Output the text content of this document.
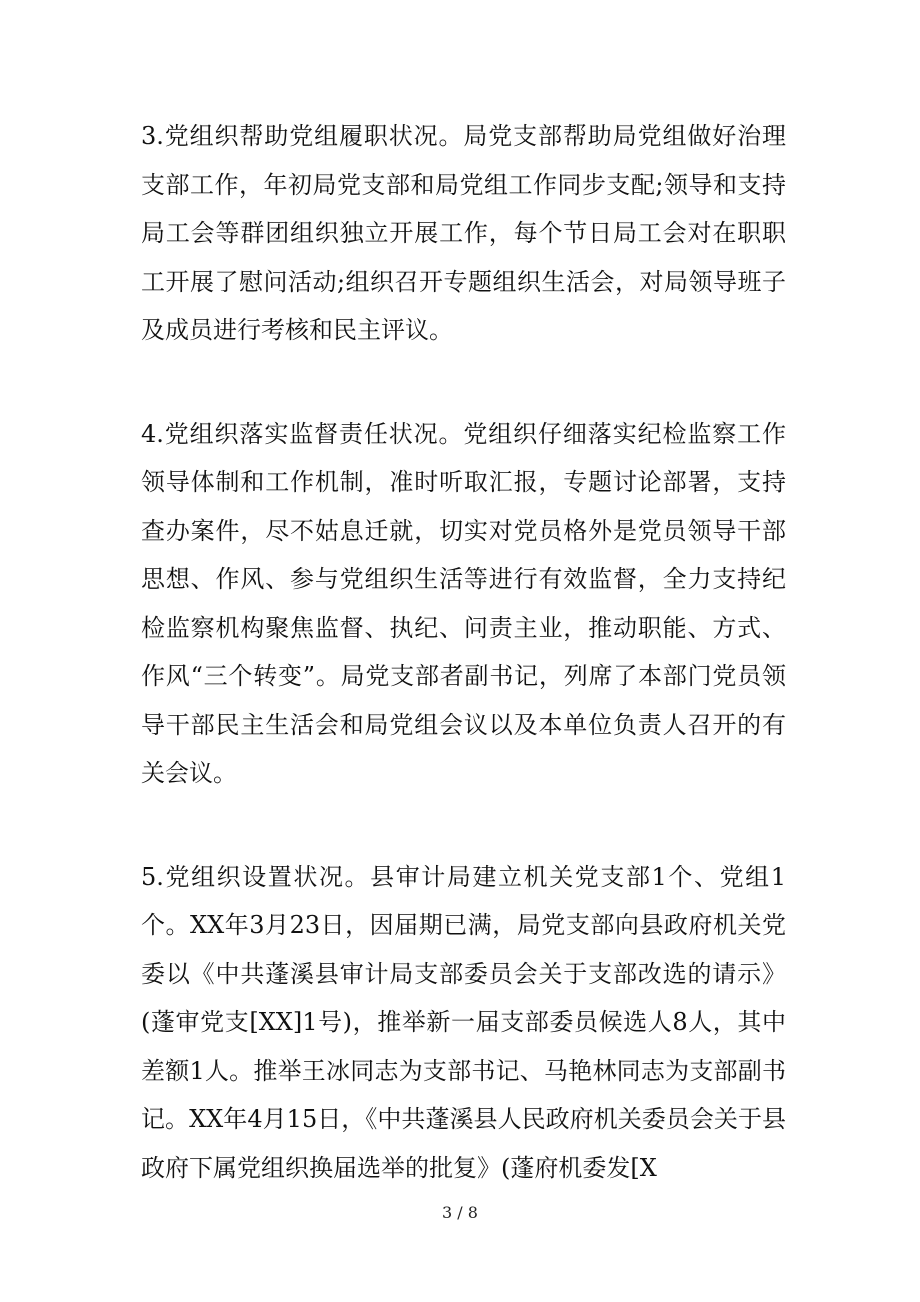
3.党组织帮助党组履职状况。局党支部帮助局党组做好治理支部工作，年初局党支部和局党组工作同步支配;领导和支持局工会等群团组织独立开展工作，每个节日局工会对在职职工开展了慰问活动;组织召开专题组织生活会，对局领导班子及成员进行考核和民主评议。

4.党组织落实监督责任状况。党组织仔细落实纪检监察工作领导体制和工作机制，准时听取汇报，专题讨论部署，支持查办案件，尽不姑息迁就，切实对党员格外是党员领导干部思想、作风、参与党组织生活等进行有效监督，全力支持纪检监察机构聚焦监督、执纪、问责主业，推动职能、方式、作风“三个转变”。局党支部者副书记，列席了本部门党员领导干部民主生活会和局党组会议以及本单位负责人召开的有关会议。

5.党组织设置状况。县审计局建立机关党支部1个、党组1个。XX年3月23日，因届期已满，局党支部向县政府机关党委以《中共蓬溪县审计局支部委员会关于支部改选的请示》(蓬审党支[XX]1号)，推举新一届支部委员候选人8人，其中差额1人。推举王冰同志为支部书记、马艳林同志为支部副书记。XX年4月15日，《中共蓬溪县人民政府机关委员会关于县政府下属党组织换届选举的批复》(蓬府机委发[X

3 / 8
